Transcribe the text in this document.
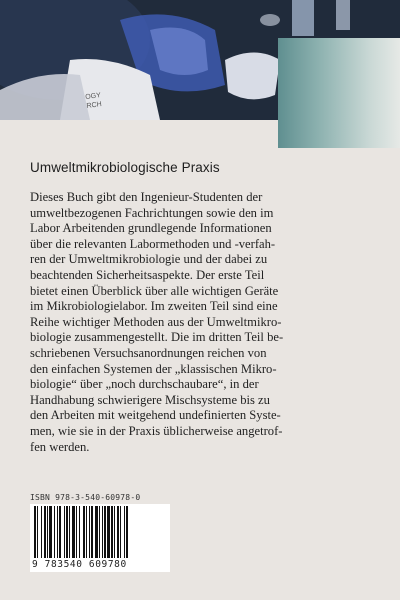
OGY
RCH
Umweltmikrobiologische Praxis

Dieses Buch gibt den Ingenieur-Studenten der
umweltbezogenen Fachrichtungen sowie den im
Labor Arbeitenden grundlegende Informationen
über die relevanten Labormethoden und -verfah-
ren der Umweltmikrobiologie und der dabei zu
beachtenden Sicherheitsaspekte. Der erste Teil
bietet einen Überblick über alle wichtigen Geräte
im Mikrobiologielabor. Im zweiten Teil sind eine
Reihe wichtiger Methoden aus der Umweltmikro-
biologie zusammengestellt. Die im dritten Teil be-
schriebenen Versuchsanordnungen reichen von
den einfachen Systemen der „klassischen Mikro-
biologie“ über „noch durchschaubare“, in der
Handhabung schwierigere Mischsysteme bis zu
den Arbeiten mit weitgehend undefinierten Syste-
men, wie sie in der Praxis üblicherweise angetrof-
fen werden.

ISBN 978-3-540-60978-0
9 783540 609780
